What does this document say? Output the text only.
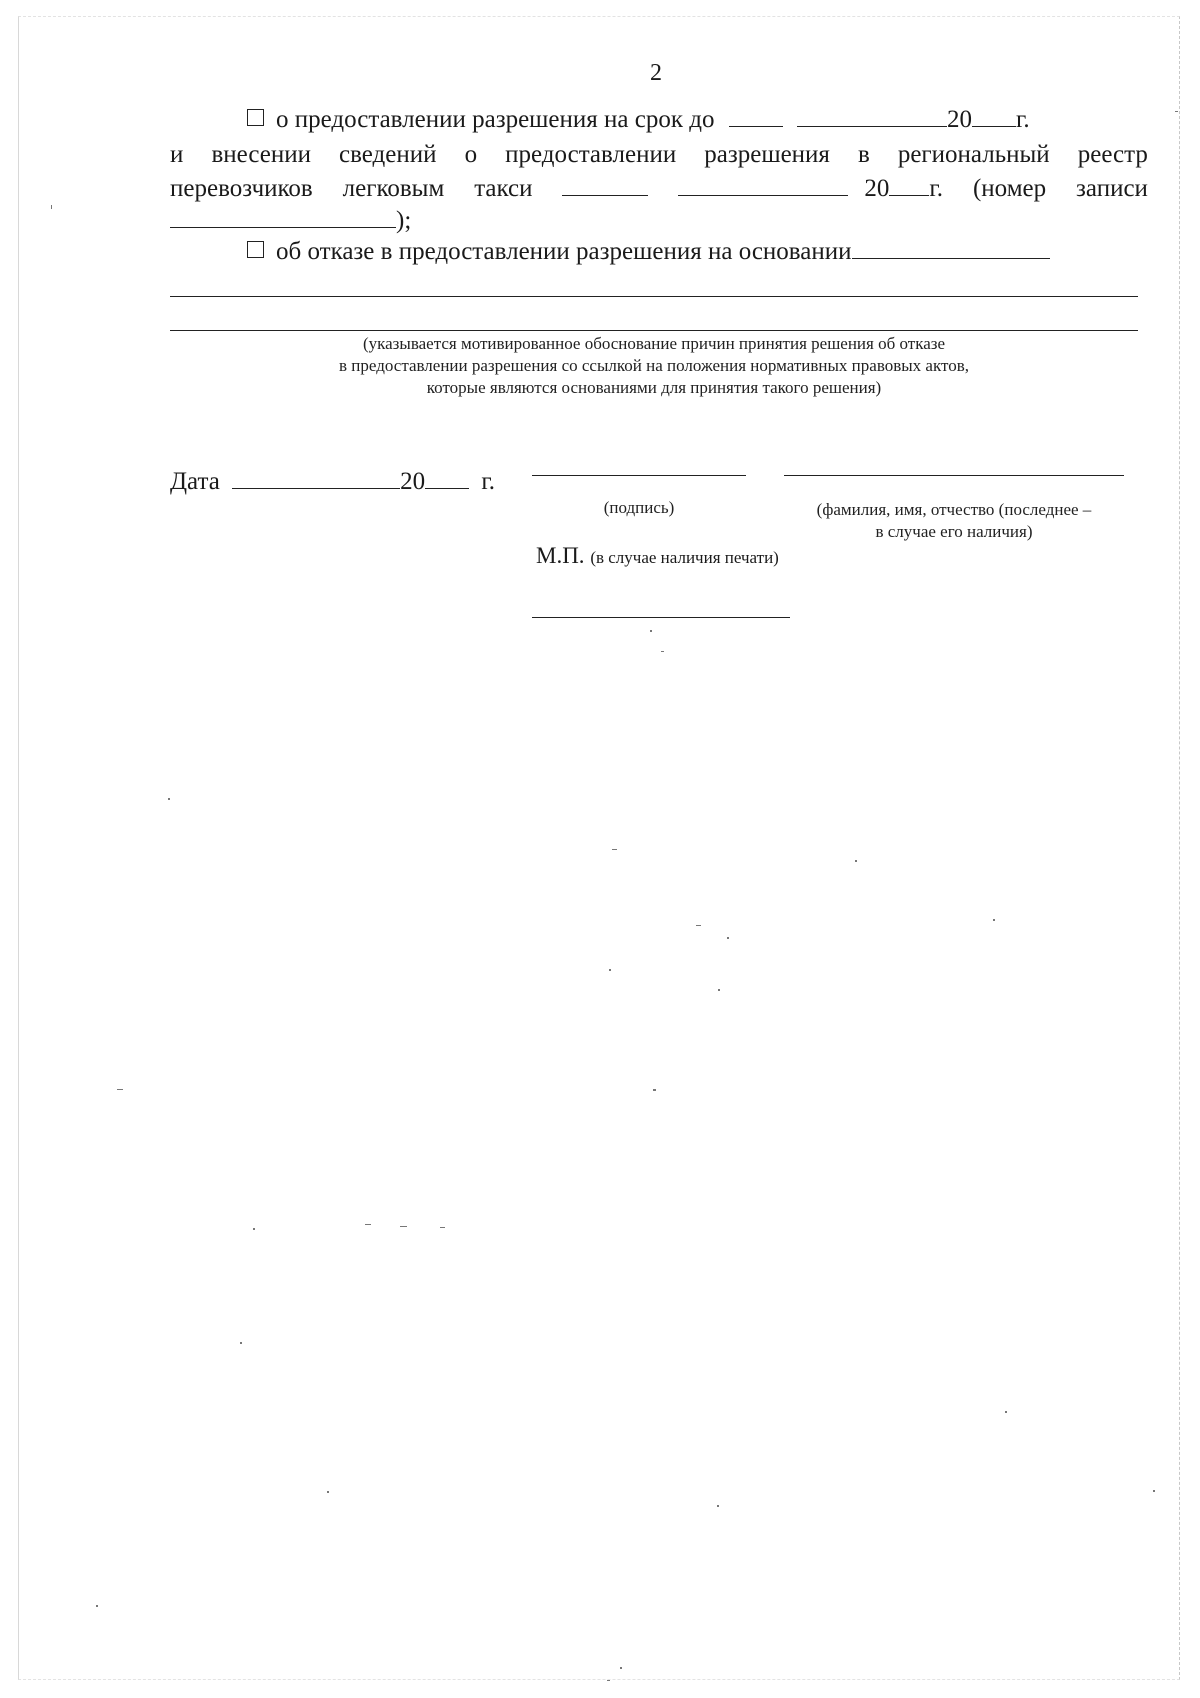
2
о предоставлении разрешения на срок до	20 г.
и внесении сведений о предоставлении разрешения в региональный реестр
перевозчиков легковым такси	20 г. (номер записи
);
об отказе в предоставлении разрешения на основании
(указывается мотивированное обоснование причин принятия решения об отказе
в предоставлении разрешения со ссылкой на положения нормативных правовых актов,
которые являются основаниями для принятия такого решения)
Дата	20 г.
(подпись)	(фамилия, имя, отчество (последнее –
в случае его наличия)
М.П. (в случае наличия печати)
